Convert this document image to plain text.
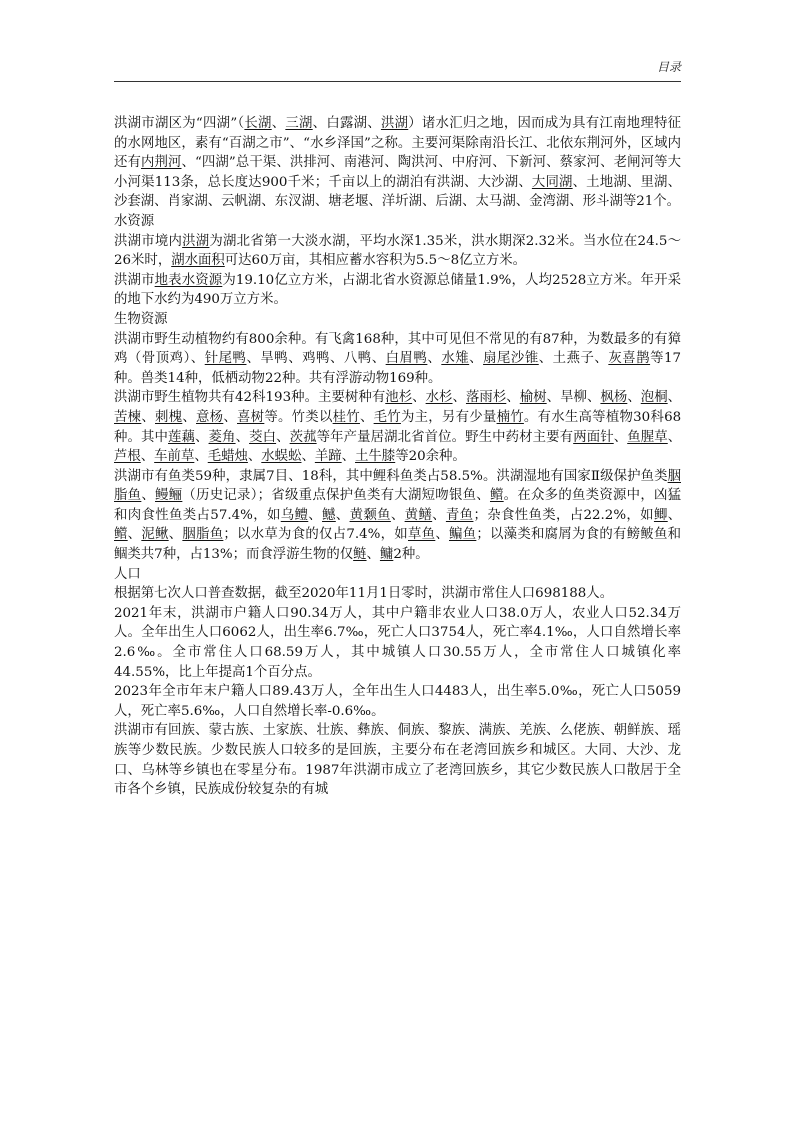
目录

洪湖市湖区为“四湖”（长湖、三湖、白露湖、洪湖）诸水汇归之地，因而成为具有江南地理特征的水网地区，素有“百湖之市”、“水乡泽国”之称。主要河渠除南沿长江、北依东荆河外，区域内还有内荆河、“四湖”总干渠、洪排河、南港河、陶洪河、中府河、下新河、蔡家河、老闸河等大小河渠113条，总长度达900千米；千亩以上的湖泊有洪湖、大沙湖、大同湖、土地湖、里湖、沙套湖、肖家湖、云帆湖、东汊湖、塘老堰、洋圻湖、后湖、太马湖、金湾湖、形斗湖等21个。

水资源

洪湖市境内洪湖为湖北省第一大淡水湖，平均水深1.35米，洪水期深2.32米。当水位在24.5～26米时，湖水面积可达60万亩，其相应蓄水容积为5.5～8亿立方米。

洪湖市地表水资源为19.10亿立方米，占湖北省水资源总储量1.9%，人均2528立方米。年开采的地下水约为490万立方米。

生物资源

洪湖市野生动植物约有800余种。有飞禽168种，其中可见但不常见的有87种，为数最多的有獐鸡（骨顶鸡）、针尾鸭、旱鸭、鸡鸭、八鸭、白眉鸭、水雉、扇尾沙锥、土燕子、灰喜鹊等17种。兽类14种，低栖动物22种。共有浮游动物169种。

洪湖市野生植物共有42科193种。主要树种有池杉、水杉、落雨杉、榆树、旱柳、枫杨、泡桐、苦楝、刺槐、意杨、喜树等。竹类以桂竹、毛竹为主，另有少量楠竹。有水生高等植物30科68种。其中莲藕、菱角、茭白、茨菰等年产量居湖北省首位。野生中药材主要有两面针、鱼腥草、芦根、车前草、毛蜡烛、水蜈蚣、羊蹄、土牛膝等20余种。

洪湖市有鱼类59种，隶属7目、18科，其中鲤科鱼类占58.5%。洪湖湿地有国家Ⅱ级保护鱼类胭脂鱼、鳗鲡（历史记录）；省级重点保护鱼类有大湖短吻银鱼、鳤。在众多的鱼类资源中，凶猛和肉食性鱼类占57.4%，如乌鳢、鳡、黄颡鱼、黄鳝、青鱼；杂食性鱼类，占22.2%，如鲫、鳤、泥鳅、胭脂鱼；以水草为食的仅占7.4%，如草鱼、鳊鱼；以藻类和腐屑为食的有鳑鲏鱼和鲴类共7种，占13%；而食浮游生物的仅鲢、鳙2种。

人口

根据第七次人口普查数据，截至2020年11月1日零时，洪湖市常住人口698188人。

2021年末，洪湖市户籍人口90.34万人，其中户籍非农业人口38.0万人，农业人口52.34万人。全年出生人口6062人，出生率6.7‰，死亡人口3754人，死亡率4.1‰，人口自然增长率2.6‰。全市常住人口68.59万人，其中城镇人口30.55万人，全市常住人口城镇化率44.55%，比上年提高1个百分点。

2023年全市年末户籍人口89.43万人，全年出生人口4483人，出生率5.0‰，死亡人口5059人，死亡率5.6‰，人口自然增长率-0.6‰。

洪湖市有回族、蒙古族、土家族、壮族、彝族、侗族、黎族、满族、羌族、么佬族、朝鲜族、瑶族等少数民族。少数民族人口较多的是回族，主要分布在老湾回族乡和城区。大同、大沙、龙口、乌林等乡镇也在零星分布。1987年洪湖市成立了老湾回族乡，其它少数民族人口散居于全市各个乡镇，民族成份较复杂的有城
